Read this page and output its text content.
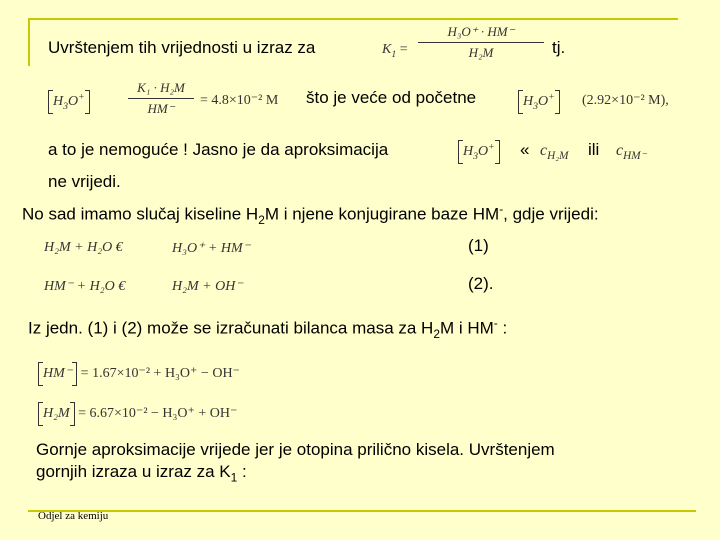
Uvrštenjem tih vrijednosti u izraz za	$K_1$ =
H₃O⁺ · HM⁻
H₂M	tj.
$H_3O^+$
K₁ · H₂M
HM⁻
= 4.8×10⁻² M što je veće od početne	$H_3O^+$	(2.92×10⁻² M),
a to je nemoguće ! Jasno je da aproksimacija	$H_3O^+$ « $c_{H_2M}$ ili $c_{HM^-}$
ne vrijedi.
No sad imamo slučaj kiseline $H_2M$ i njene konjugirane baze HM-, gdje vrijedi:
H₂M + H₂O €	H₃O⁺ + HM⁻	(1)
HM⁻ + H₂O €	H₂M + OH⁻	(2).
Iz jedn. (1) i (2) može se izračunati bilanca masa za $H_2M$ i HM- :
HM⁻ = 1.67×10⁻² + H₃O⁺ − OH⁻
H₂M = 6.67×10⁻² − H₃O⁺ + OH⁻
Gornje aproksimacije vrijede jer je otopina prilično kisela. Uvrštenjem
gornjih izraza u izraz za $K_1$ :
Odjel za kemiju
